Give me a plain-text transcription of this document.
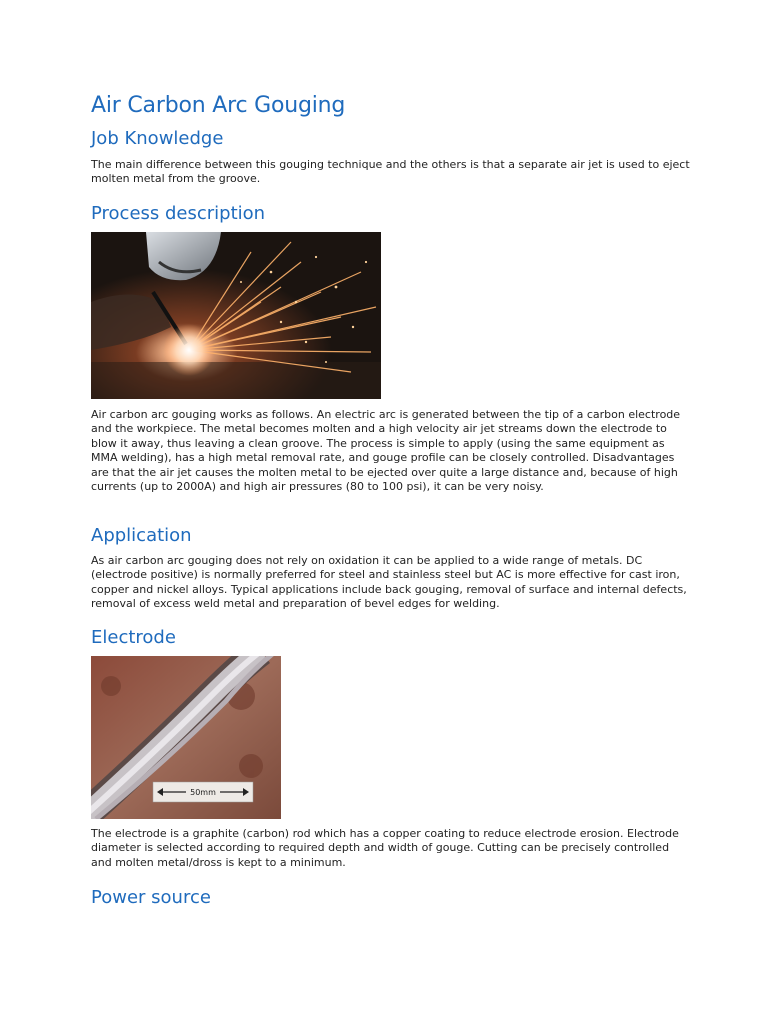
Air Carbon Arc Gouging
Job Knowledge

The main difference between this gouging technique and the others is that a separate air jet is used to eject molten metal from the groove.

Process description

Air carbon arc gouging works as follows. An electric arc is generated between the tip of a carbon electrode and the workpiece. The metal becomes molten and a high velocity air jet streams down the electrode to blow it away, thus leaving a clean groove. The process is simple to apply (using the same equipment as MMA welding), has a high metal removal rate, and gouge profile can be closely controlled. Disadvantages are that the air jet causes the molten metal to be ejected over quite a large distance and, because of high currents (up to 2000A) and high air pressures (80 to 100 psi), it can be very noisy.

Application

As air carbon arc gouging does not rely on oxidation it can be applied to a wide range of metals. DC (electrode positive) is normally preferred for steel and stainless steel but AC is more effective for cast iron, copper and nickel alloys. Typical applications include back gouging, removal of surface and internal defects, removal of excess weld metal and preparation of bevel edges for welding.

Electrode
50mm

The electrode is a graphite (carbon) rod which has a copper coating to reduce electrode erosion. Electrode diameter is selected according to required depth and width of gouge. Cutting can be precisely controlled and molten metal/dross is kept to a minimum.

Power source
